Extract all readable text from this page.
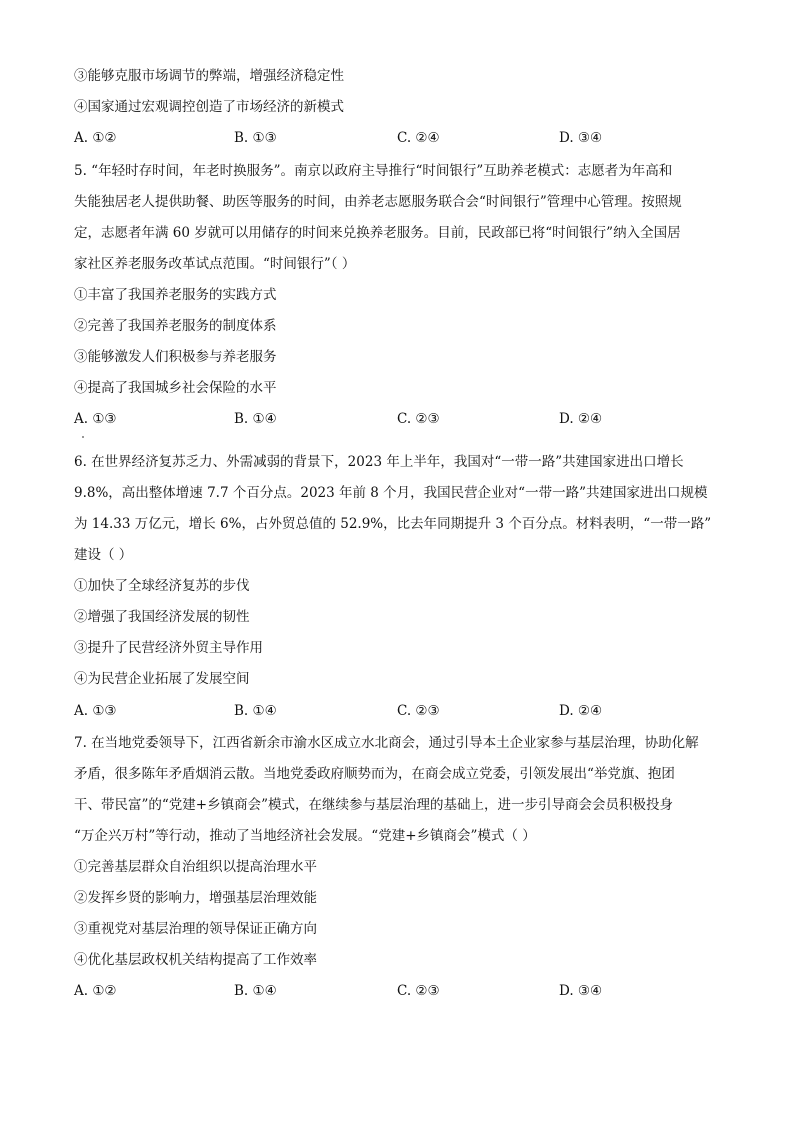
③能够克服市场调节的弊端，增强经济稳定性
④国家通过宏观调控创造了市场经济的新模式
A. ①②	B. ①③	C. ②④	D. ③④
5. “年轻时存时间，年老时换服务”。南京以政府主导推行“时间银行”互助养老模式：志愿者为年高和
失能独居老人提供助餐、助医等服务的时间，由养老志愿服务联合会“时间银行”管理中心管理。按照规
定，志愿者年满 60 岁就可以用储存的时间来兑换养老服务。目前，民政部已将“时间银行”纳入全国居
家社区养老服务改革试点范围。“时间银行”（ ）
①丰富了我国养老服务的实践方式
②完善了我国养老服务的制度体系
③能够激发人们积极参与养老服务
④提高了我国城乡社会保险的水平
A. ①③	B. ①④	C. ②③	D. ②④
6. 在世界经济复苏乏力、外需减弱的背景下，2023 年上半年，我国对“一带一路”共建国家进出口增长
9.8%，高出整体增速 7.7 个百分点。2023 年前 8 个月，我国民营企业对“一带一路”共建国家进出口规模
为 14.33 万亿元，增长 6%，占外贸总值的 52.9%，比去年同期提升 3 个百分点。材料表明，“一带一路”
建设（ ）
①加快了全球经济复苏的步伐
②增强了我国经济发展的韧性
③提升了民营经济外贸主导作用
④为民营企业拓展了发展空间
A. ①③	B. ①④	C. ②③	D. ②④
7. 在当地党委领导下，江西省新余市渝水区成立水北商会，通过引导本土企业家参与基层治理，协助化解
矛盾，很多陈年矛盾烟消云散。当地党委政府顺势而为，在商会成立党委，引领发展出“举党旗、抱团
干、带民富”的“党建+乡镇商会”模式，在继续参与基层治理的基础上，进一步引导商会会员积极投身
“万企兴万村”等行动，推动了当地经济社会发展。“党建+乡镇商会”模式（ ）
①完善基层群众自治组织以提高治理水平
②发挥乡贤的影响力，增强基层治理效能
③重视党对基层治理的领导保证正确方向
④优化基层政权机关结构提高了工作效率
A. ①②	B. ①④	C. ②③	D. ③④
